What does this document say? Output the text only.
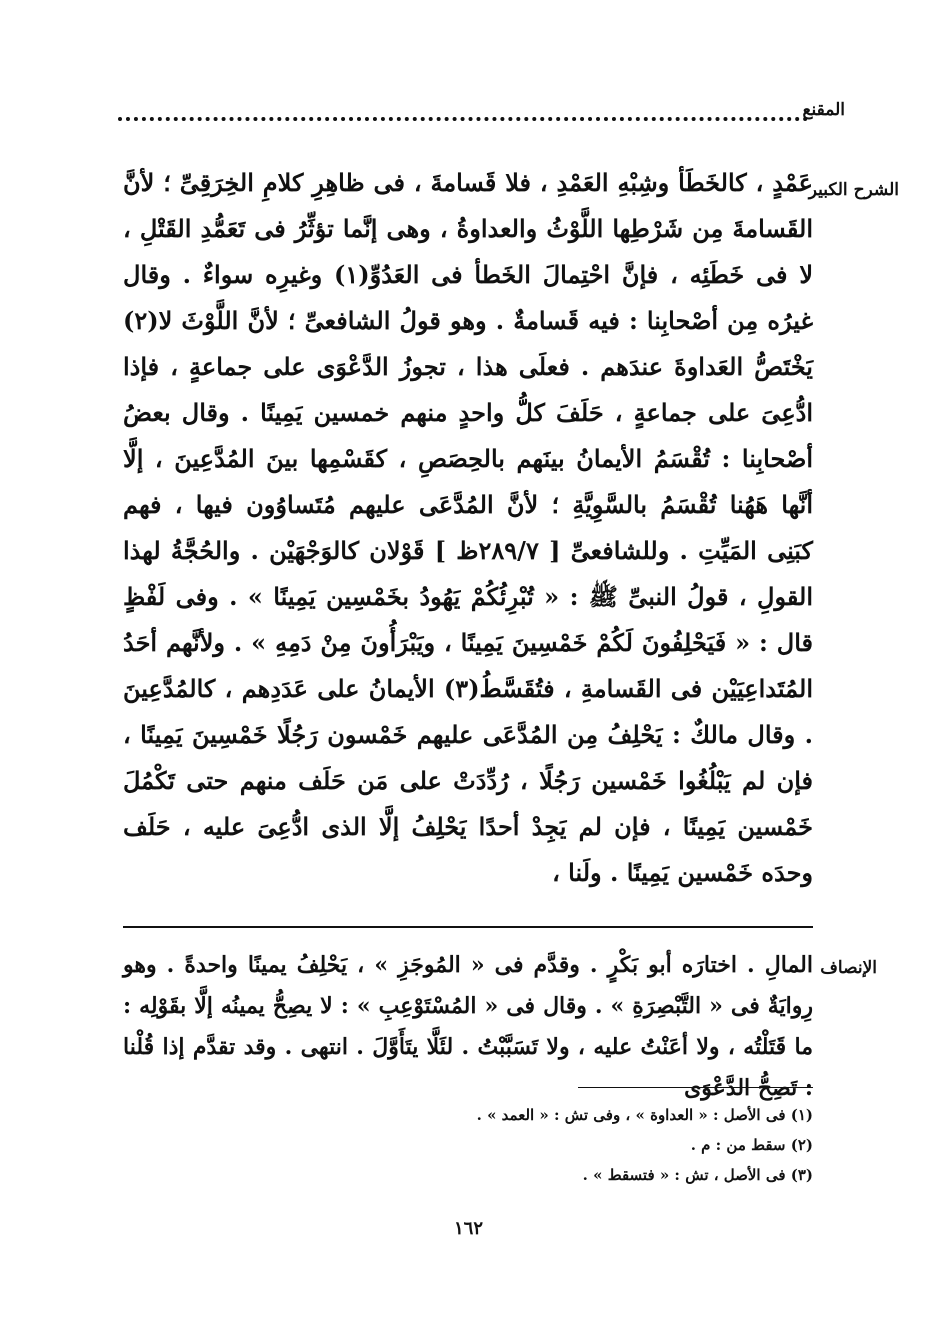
المقنع
الشرح الكبير

عَمْدٍ ، كالخَطَأ وشِبْهِ العَمْدِ ، فلا قَسامةَ ، فى ظاهِرِ كلامِ الخِرَقِىِّ ؛ لأنَّ القَسامةَ مِن شَرْطِها اللَّوْثُ والعداوةُ ، وهى إنَّما تؤثِّرُ فى تَعَمُّدِ القَتْلِ ، لا فى خَطَئِه ، فإنَّ احْتِمالَ الخَطأ فى العَدُوِّ(١) وغيرِه سواءٌ . وقال غيرُه مِن أصْحابِنا : فيه قَسامةٌ . وهو قولُ الشافعىِّ ؛ لأنَّ اللَّوْثَ لا(٢) يَخْتَصُّ العَداوةَ عندَهم . فعلَى هذا ، تجوزُ الدَّعْوَى على جماعةٍ ، فإذا ادُّعِىَ على جماعةٍ ، حَلَفَ كلُّ واحدٍ منهم خمسين يَمِينًا . وقال بعضُ أصْحابِنا : تُقْسَمُ الأيمانُ بينَهم بالحِصَصِ ، كقَسْمِها بينَ المُدَّعِينَ ، إلَّا أنَّها هَهُنا تُقْسَمُ بالسَّوِيَّةِ ؛ لأنَّ المُدَّعَى عليهم مُتَساوُون فيها ، فهم كبَنِى المَيِّتِ . وللشافعىِّ [ ٢٨٩/٧ظ ] قَوْلان كالوَجْهَيْن . والحُجَّةُ لهذا القولِ ، قولُ النبىِّ ﷺ : « تُبْرِئُكُمْ يَهُودُ بخَمْسِين يَمِينًا » . وفى لَفْظٍ قال : « فَيَحْلِفُونَ لَكُمْ خَمْسِينَ يَمِينًا ، ويَبْرَأُونَ مِنْ دَمِهِ » . ولأنَّهم أحَدُ المُتَداعِيَيْن فى القَسامةِ ، فتُقَسَّطُ(٣) الأيمانُ على عَدَدِهم ، كالمُدَّعِينَ . وقال مالكٌ : يَحْلِفُ مِن المُدَّعَى عليهم خَمْسون رَجُلًا خَمْسِينَ يَمِينًا ، فإن لم يَبْلُغُوا خَمْسين رَجُلًا ، رُدِّدَتْ على مَن حَلَف منهم حتى تَكْمُلَ خَمْسين يَمِينًا ، فإن لم يَجِدْ أحدًا يَحْلِفُ إلَّا الذى ادُّعِىَ عليه ، حَلَف وحدَه خَمْسين يَمِينًا . ولَنا ،

الإنصاف

المالِ . اختارَه أبو بَكْرٍ . وقدَّم فى « المُوجَزِ » ، يَحْلِفُ يمينًا واحدةً . وهو رِوايَةٌ فى « التَّبْصِرَةِ » . وقال فى « المُسْتَوْعِبِ » : لا يصِحُّ يمينُه إلَّا بقَوْلِه : ما قَتَلْتُه ، ولا أعَنْتُ عليه ، ولا تَسَبَّبْتُ . لئَلَّا يتَأَوَّلَ . انتهى . وقد تقدَّم إذا قُلْنا : تَصِحُّ الدَّعْوَى

(١) فى الأصل : « العداوة » ، وفى تش : « العمد » .
(٢) سقط من : م .
(٣) فى الأصل ، تش : « فتسقط » .
١٦٢
